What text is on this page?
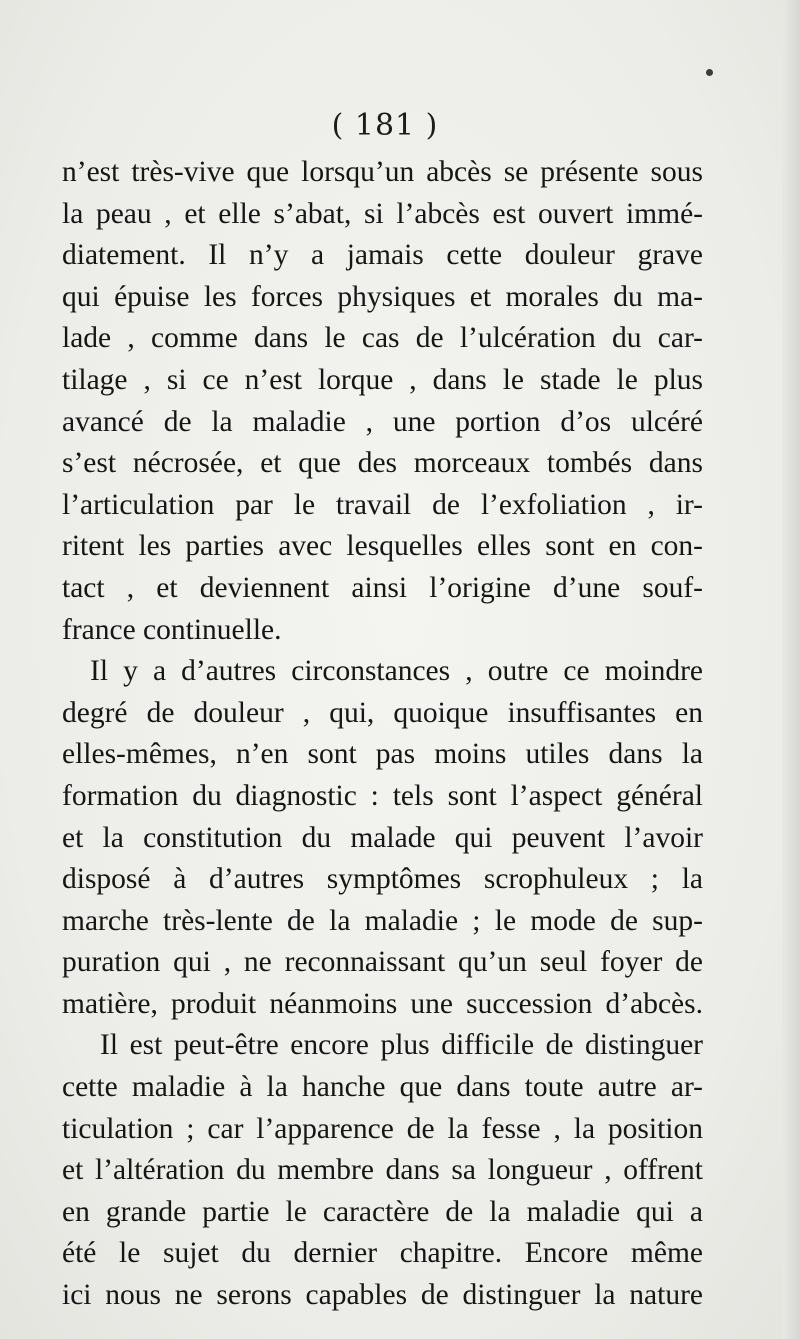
( 181 )
n’est très-vive que lorsqu’un abcès se présente sous
la peau , et elle s’abat, si l’abcès est ouvert immé-
diatement. Il n’y a jamais cette douleur grave
qui épuise les forces physiques et morales du ma-
lade , comme dans le cas de l’ulcération du car-
tilage , si ce n’est lorque , dans le stade le plus
avancé de la maladie , une portion d’os ulcéré
s’est nécrosée, et que des morceaux tombés dans
l’articulation par le travail de l’exfoliation , ir-
ritent les parties avec lesquelles elles sont en con-
tact , et deviennent ainsi l’origine d’une souf-
france continuelle.
Il y a d’autres circonstances , outre ce moindre
degré de douleur , qui, quoique insuffisantes en
elles-mêmes, n’en sont pas moins utiles dans la
formation du diagnostic : tels sont l’aspect général
et la constitution du malade qui peuvent l’avoir
disposé à d’autres symptômes scrophuleux ; la
marche très-lente de la maladie ; le mode de sup-
puration qui , ne reconnaissant qu’un seul foyer de
matière, produit néanmoins une succession d’abcès.
Il est peut-être encore plus difficile de distinguer
cette maladie à la hanche que dans toute autre ar-
ticulation ; car l’apparence de la fesse , la position
et l’altération du membre dans sa longueur , offrent
en grande partie le caractère de la maladie qui a
été le sujet du dernier chapitre. Encore même
ici nous ne serons capables de distinguer la nature
